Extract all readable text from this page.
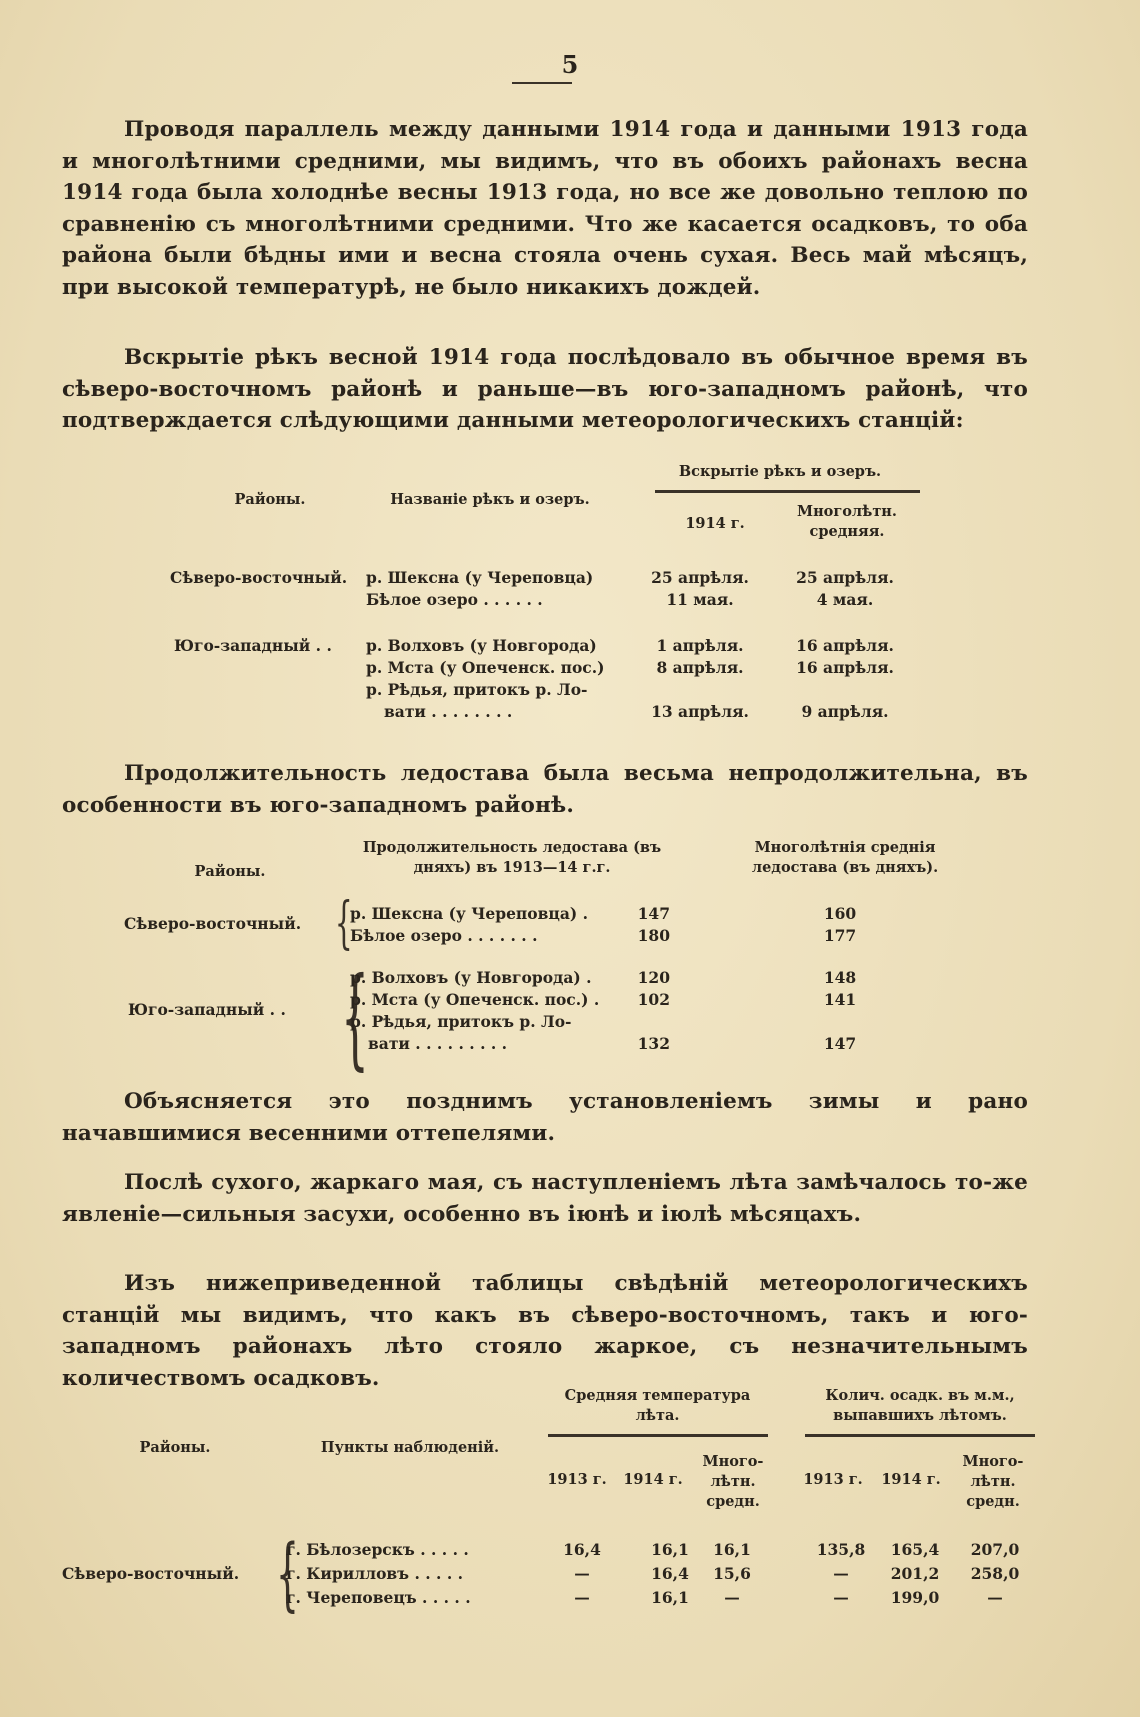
5
Проводя параллель между данными 1914 года и данными 1913 года и многолѣтними средними, мы видимъ, что въ обоихъ районахъ весна 1914 года была холоднѣе весны 1913 года, но все же довольно теплою по сравненію съ многолѣтними средними. Что же касается осадковъ, то оба района были бѣдны ими и весна стояла очень сухая. Весь май мѣсяцъ, при высокой температурѣ, не было никакихъ дождей.
Вскрытіе рѣкъ весной 1914 года послѣдовало въ обычное время въ сѣверо-восточномъ районѣ и раньше—въ юго-западномъ районѣ, что подтверждается слѣдующими данными метеорологическихъ станцій:
Районы.	Названіе рѣкъ и озеръ.
Вскрытіе рѣкъ и озеръ.
1914 г.
Многолѣтн. средняя.
Сѣверо-восточный.
Юго-западный . .
р. Шексна (у Череповца)	25 апрѣля.	25 апрѣля.
Бѣлое озеро . . . . . .	11 мая.	4 мая.
р. Волховъ (у Новгорода)	1 апрѣля.	16 апрѣля.
р. Мста (у Опеченск. пос.)	8 апрѣля.	16 апрѣля.
р. Рѣдья, притокъ р. Ло-
вати . . . . . . . .	13 апрѣля.	9 апрѣля.
Продолжительность ледостава была весьма непродолжительна, въ особенности въ юго-западномъ районѣ.
Районы.
Продолжительность ледостава (въ дняхъ) въ 1913—14 г.г.
Многолѣтнія среднія ледостава (въ дняхъ).
Сѣверо-восточный. {
Юго-западный . . {
р. Шексна (у Череповца) .	147	160
Бѣлое озеро . . . . . . .	180	177
р. Волховъ (у Новгорода) .	120	148
р. Мста (у Опеченск. пос.) .	102	141
р. Рѣдья, притокъ р. Ло-
вати . . . . . . . . .	132	147
Объясняется это позднимъ установленіемъ зимы и рано начавшимися весенними оттепелями.
Послѣ сухого, жаркаго мая, съ наступленіемъ лѣта замѣчалось то-же явленіе—сильныя засухи, особенно въ іюнѣ и іюлѣ мѣсяцахъ.
Изъ нижеприведенной таблицы свѣдѣній метеорологическихъ станцій мы видимъ, что какъ въ сѣверо-восточномъ, такъ и юго-западномъ районахъ лѣто стояло жаркое, съ незначительнымъ количествомъ осадковъ.
Районы.	Пункты наблюденій.
Средняя температура лѣта.
Колич. осадк. въ м.м., выпавшихъ лѣтомъ.
1913 г.	1914 г.
Много-лѣтн. средн.
1913 г.	1914 г.
Много-лѣтн. средн.
Сѣверо-восточный. {
г. Бѣлозерскъ . . . . .	16,4	16,1	16,1	135,8	165,4	207,0
г. Кирилловъ . . . . .	—	16,4	15,6	—	201,2	258,0
г. Череповецъ . . . . .	—	16,1	—	—	199,0	—
